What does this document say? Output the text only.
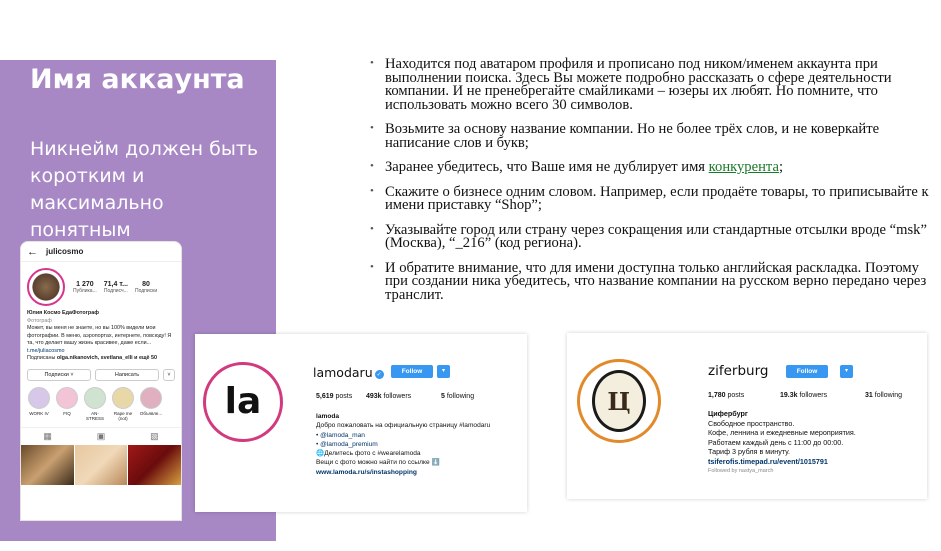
Имя аккаунта
Никнейм должен быть коротким и максимально понятным
• Находится под аватаром профиля и прописано под ником/именем аккаунта при выполнении поиска. Здесь Вы можете подробно рассказать о сфере деятельности компании. И не пренебрегайте смайликами – юзеры их любят. Но помните, что использовать можно всего 30 символов.
• Возьмите за основу название компании. Но не более трёх слов, и не коверкайте написание слов и букв;
• Заранее убедитесь, что Ваше имя не дублирует имя конкурента;
• Скажите о бизнесе одним словом. Например, если продаёте товары, то приписывайте к имени приставку “Shop”;
• Указывайте город или страну через сокращения или стандартные отсылки вроде “msk” (Москва), “_216” (код региона).
• И обратите внимание, что для имени доступна только английская раскладка. Поэтому при создании ника убедитесь, что название компании на русском верно передано через транслит.
← julicosmo
1 270
Публика...
71,4 т...
Подписч...
80
Подписки
Юлия Космо ЕдаФотограф
Фотограф
Может, вы меня не знаете, но вы 100% видели мои фотографии. В меню, аэропортах, интернете, повсюду! Я та, что делает вашу жизнь красивее, даже если...
t.me/juliacosmo
Подписаны olga.nikanovich, svetlana_elli и ещё 50
Подписки ˅	Написать	˅
WORK IV	FIQ	AN-STRESS
Rape me (not)
Объявле...
▦	▣	▧
la
lamodaru ✓	Follow	▾
5,619 posts 493k followers	5 following
lamoda
Добро пожаловать на официальную страницу #lamodaru
• @lamoda_man
• @lamoda_premium
🌐Делитесь фото с #wearelamoda
Вещи с фото можно найти по ссылке ⬇️
www.lamoda.ru/s/instashopping
Ц
ziferburg	Follow	▾
1,780 posts	19.3k followers	31 following
Цифербург
Свободное пространство.
Кофе, леннина и ежедневные мероприятия.
Работаем каждый день с 11:00 до 00:00.
Тариф 3 рубля в минуту.
tsiferofis.timepad.ru/event/1015791
Followed by nastya_march
